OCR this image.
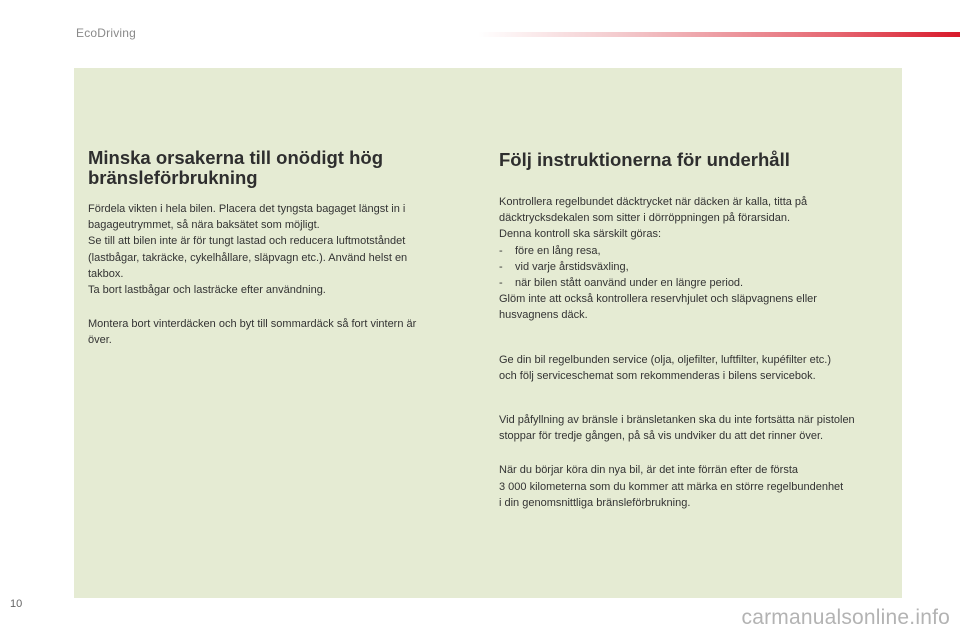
EcoDriving
Minska orsakerna till onödigt hög
bränsleförbrukning

Fördela vikten i hela bilen. Placera det tyngsta bagaget längst in i
bagageutrymmet, så nära baksätet som möjligt.
Se till att bilen inte är för tungt lastad och reducera luftmotståndet
(lastbågar, takräcke, cykelhållare, släpvagn etc.). Använd helst en
takbox.
Ta bort lastbågar och lasträcke efter användning.

Montera bort vinterdäcken och byt till sommardäck så fort vintern är
över.

Följ instruktionerna för underhåll

Kontrollera regelbundet däcktrycket när däcken är kalla, titta på
däcktrycksdekalen som sitter i dörröppningen på förarsidan.
Denna kontroll ska särskilt göras:

-	före en lång resa,

-	vid varje årstidsväxling,

-	när bilen stått oanvänd under en längre period.

Glöm inte att också kontrollera reservhjulet och släpvagnens eller
husvagnens däck.

Ge din bil regelbunden service (olja, oljefilter, luftfilter, kupéfilter etc.)
och följ serviceschemat som rekommenderas i bilens servicebok.

Vid påfyllning av bränsle i bränsletanken ska du inte fortsätta när pistolen
stoppar för tredje gången, på så vis undviker du att det rinner över.

När du börjar köra din nya bil, är det inte förrän efter de första
3 000 kilometerna som du kommer att märka en större regelbundenhet
i din genomsnittliga bränsleförbrukning.

10
carmanualsonline.info
